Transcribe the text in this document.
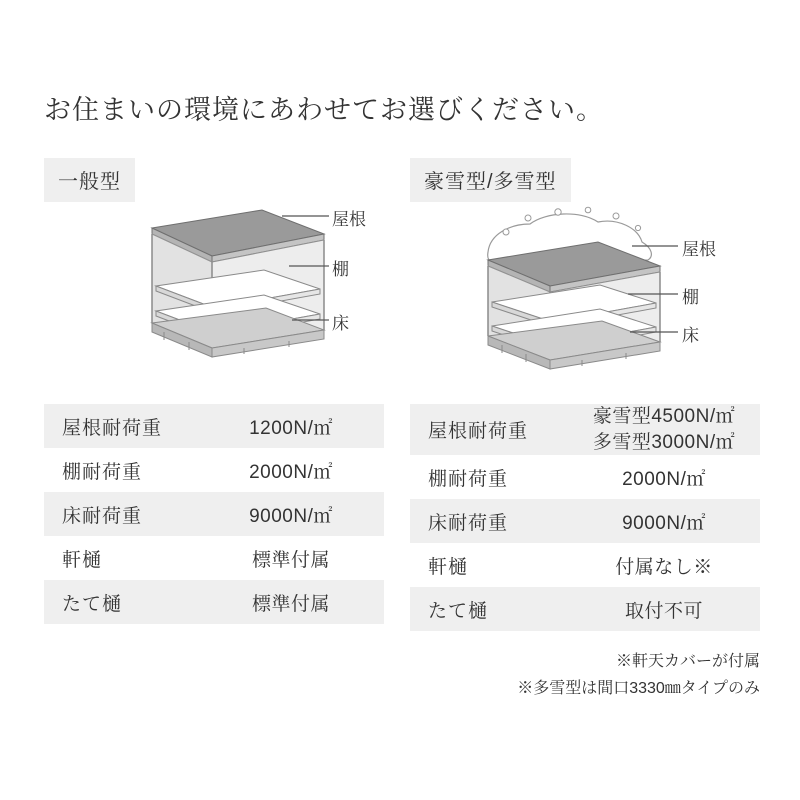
お住まいの環境にあわせてお選びください。
一般型
屋根
棚
床
屋根耐荷重	1200N/㎡
棚耐荷重	2000N/㎡
床耐荷重	9000N/㎡
軒樋	標準付属
たて樋	標準付属
豪雪型/多雪型
屋根
棚
床
屋根耐荷重	豪雪型4500N/㎡
多雪型3000N/㎡

棚耐荷重	2000N/㎡
床耐荷重	9000N/㎡
軒樋	付属なし※
たて樋	取付不可
※軒天カバーが付属
※多雪型は間口3330㎜タイプのみ
